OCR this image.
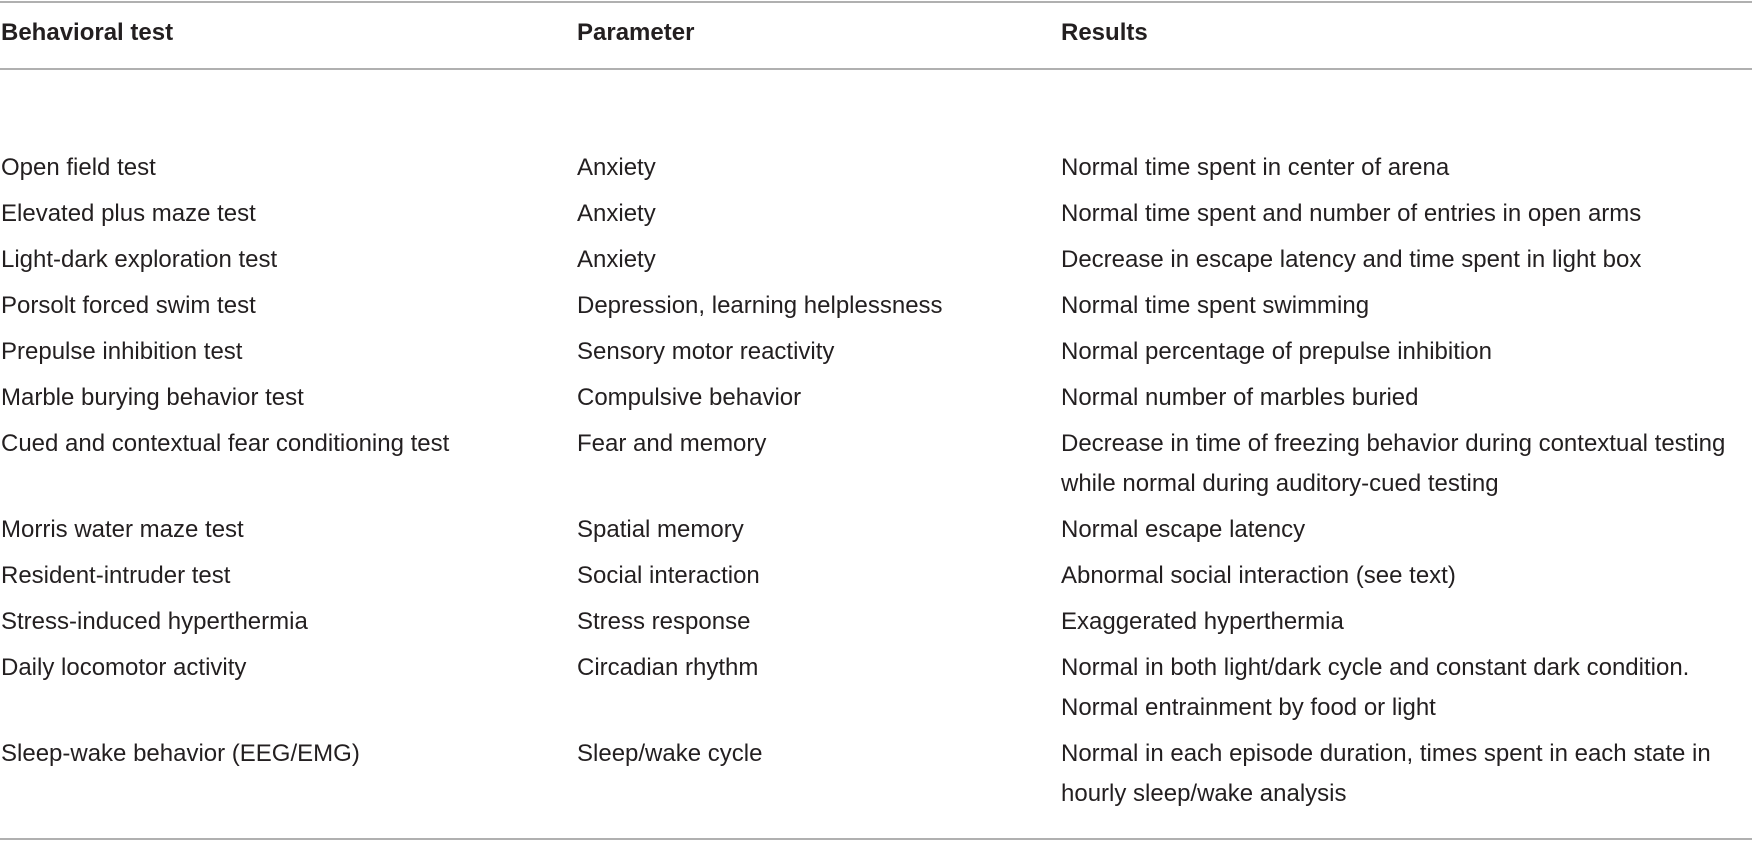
Behavioral test	Parameter	Results
Open field test	Anxiety	Normal time spent in center of arena
Elevated plus maze test	Anxiety	Normal time spent and number of entries in open arms
Light-dark exploration test	Anxiety	Decrease in escape latency and time spent in light box
Porsolt forced swim test	Depression, learning helplessness	Normal time spent swimming
Prepulse inhibition test	Sensory motor reactivity	Normal percentage of prepulse inhibition
Marble burying behavior test	Compulsive behavior	Normal number of marbles buried
Cued and contextual fear conditioning test	Fear and memory	Decrease in time of freezing behavior during contextual testing while normal during auditory-cued testing
Morris water maze test	Spatial memory	Normal escape latency
Resident-intruder test	Social interaction	Abnormal social interaction (see text)
Stress-induced hyperthermia	Stress response	Exaggerated hyperthermia
Daily locomotor activity	Circadian rhythm	Normal in both light/dark cycle and constant dark condition. Normal entrainment by food or light
Sleep-wake behavior (EEG/EMG)	Sleep/wake cycle	Normal in each episode duration, times spent in each state in hourly sleep/wake analysis
